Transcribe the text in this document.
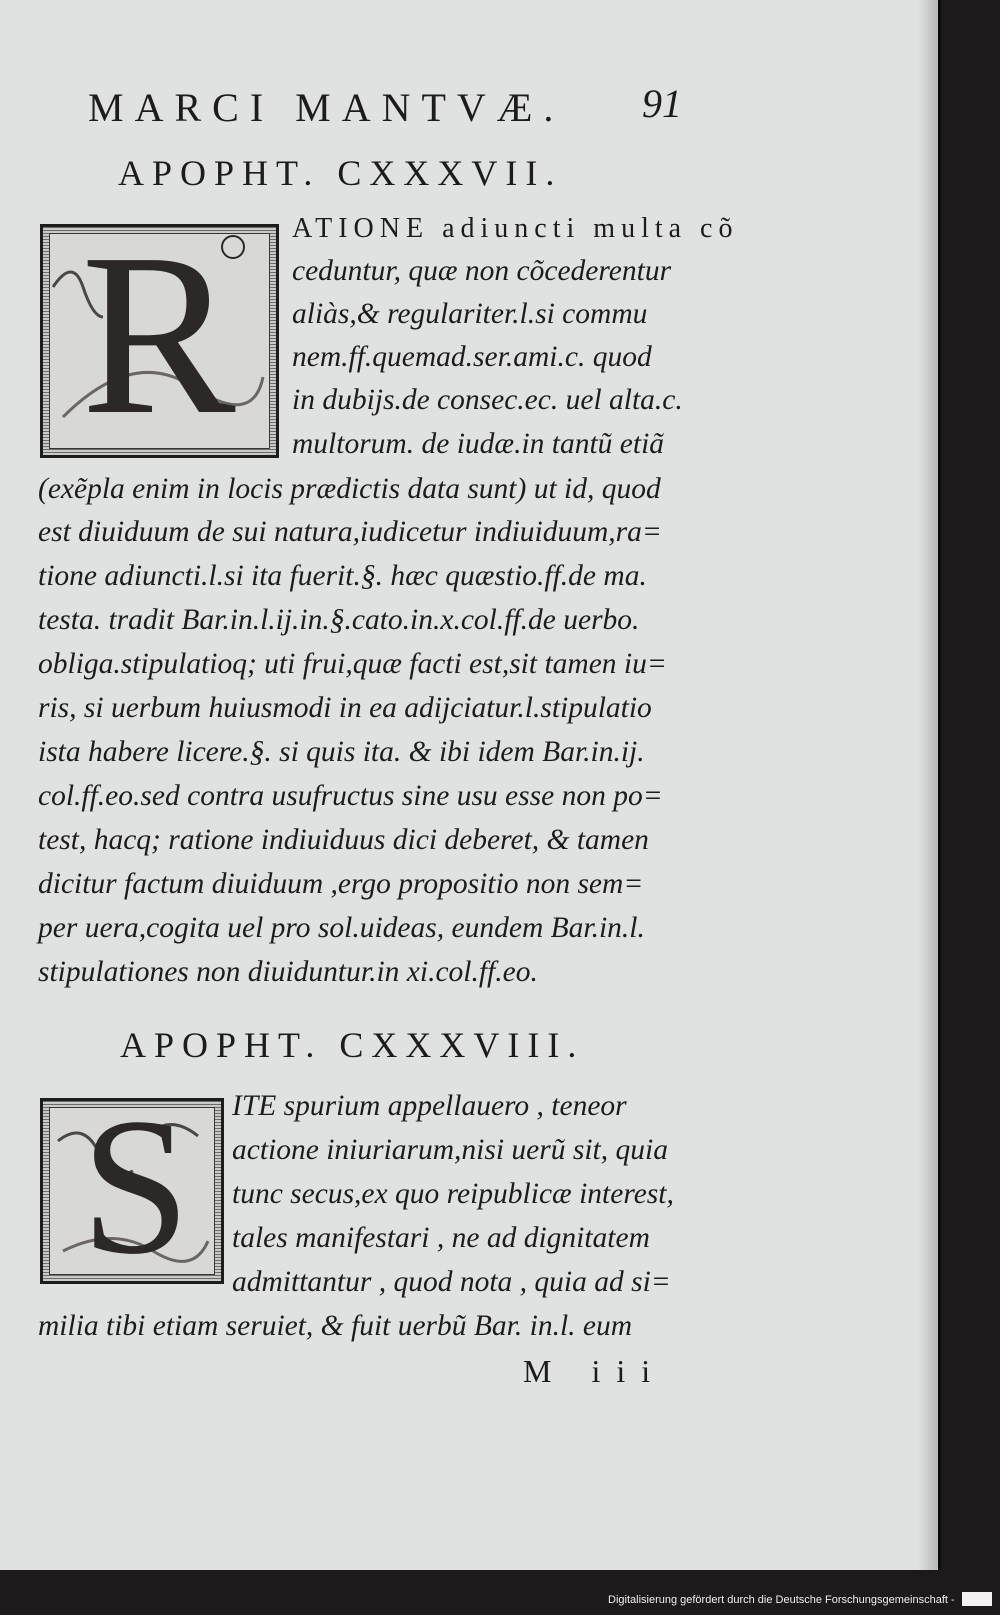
MARCI MANTVÆ. 91
APOPHT. CXXXVII.
R ATIONE adiuncti multa cõ
ceduntur, quæ non cõcederentur
aliàs,& regulariter.l.si commu
nem.ff.quemad.ser.ami.c. quod
in dubijs.de consec.ec. uel alta.c.
multorum. de iudæ.in tantũ etiã
(exẽpla enim in locis prædictis data sunt) ut id, quod
est diuiduum de sui natura,iudicetur indiuiduum,ra=
tione adiuncti.l.si ita fuerit.§. hæc quæstio.ff.de ma.
testa. tradit Bar.in.l.ij.in.§.cato.in.x.col.ff.de uerbo.
obliga.stipulatioq; uti frui,quæ facti est,sit tamen iu=
ris, si uerbum huiusmodi in ea adijciatur.l.stipulatio
ista habere licere.§. si quis ita. & ibi idem Bar.in.ij.
col.ff.eo.sed contra usufructus sine usu esse non po=
test, hacq; ratione indiuiduus dici deberet, & tamen
dicitur factum diuiduum ,ergo propositio non sem=
per uera,cogita uel pro sol.uideas, eundem Bar.in.l.
stipulationes non diuiduntur.in xi.col.ff.eo.
APOPHT. CXXXVIII.
S ITE spurium appellauero , teneor
actione iniuriarum,nisi uerũ sit, quia
tunc secus,ex quo reipublicæ interest,
tales manifestari , ne ad dignitatem
admittantur , quod nota , quia ad si=
milia tibi etiam seruiet, & fuit uerbũ Bar. in.l. eum
M iii
Digitalisierung gefördert durch die Deutsche Forschungsgemeinschaft -
